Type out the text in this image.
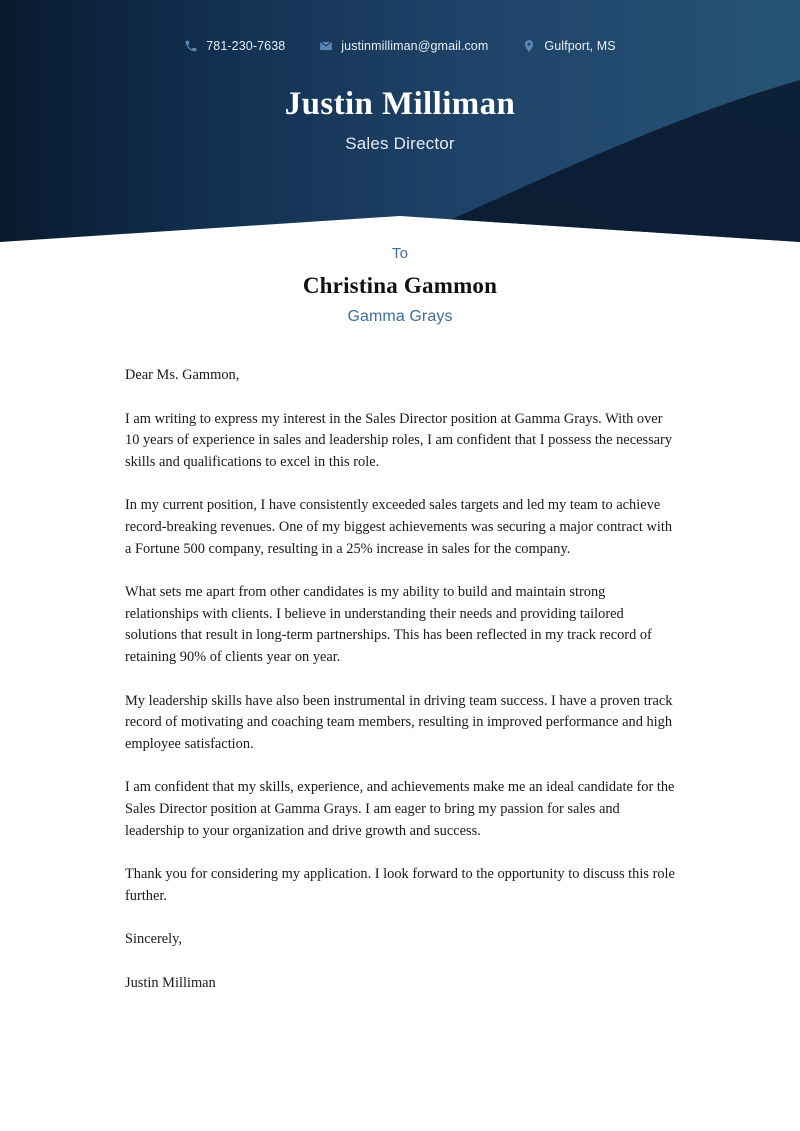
781-230-7638	justinmilliman@gmail.com	Gulfport, MS
Justin Milliman
Sales Director
To
Christina Gammon
Gamma Grays

Dear Ms. Gammon,

I am writing to express my interest in the Sales Director position at Gamma Grays. With over 10 years of experience in sales and leadership roles, I am confident that I possess the necessary skills and qualifications to excel in this role.

In my current position, I have consistently exceeded sales targets and led my team to achieve record-breaking revenues. One of my biggest achievements was securing a major contract with a Fortune 500 company, resulting in a 25% increase in sales for the company.

What sets me apart from other candidates is my ability to build and maintain strong relationships with clients. I believe in understanding their needs and providing tailored solutions that result in long-term partnerships. This has been reflected in my track record of retaining 90% of clients year on year.

My leadership skills have also been instrumental in driving team success. I have a proven track record of motivating and coaching team members, resulting in improved performance and high employee satisfaction.

I am confident that my skills, experience, and achievements make me an ideal candidate for the Sales Director position at Gamma Grays. I am eager to bring my passion for sales and leadership to your organization and drive growth and success.

Thank you for considering my application. I look forward to the opportunity to discuss this role further.

Sincerely,

Justin Milliman
